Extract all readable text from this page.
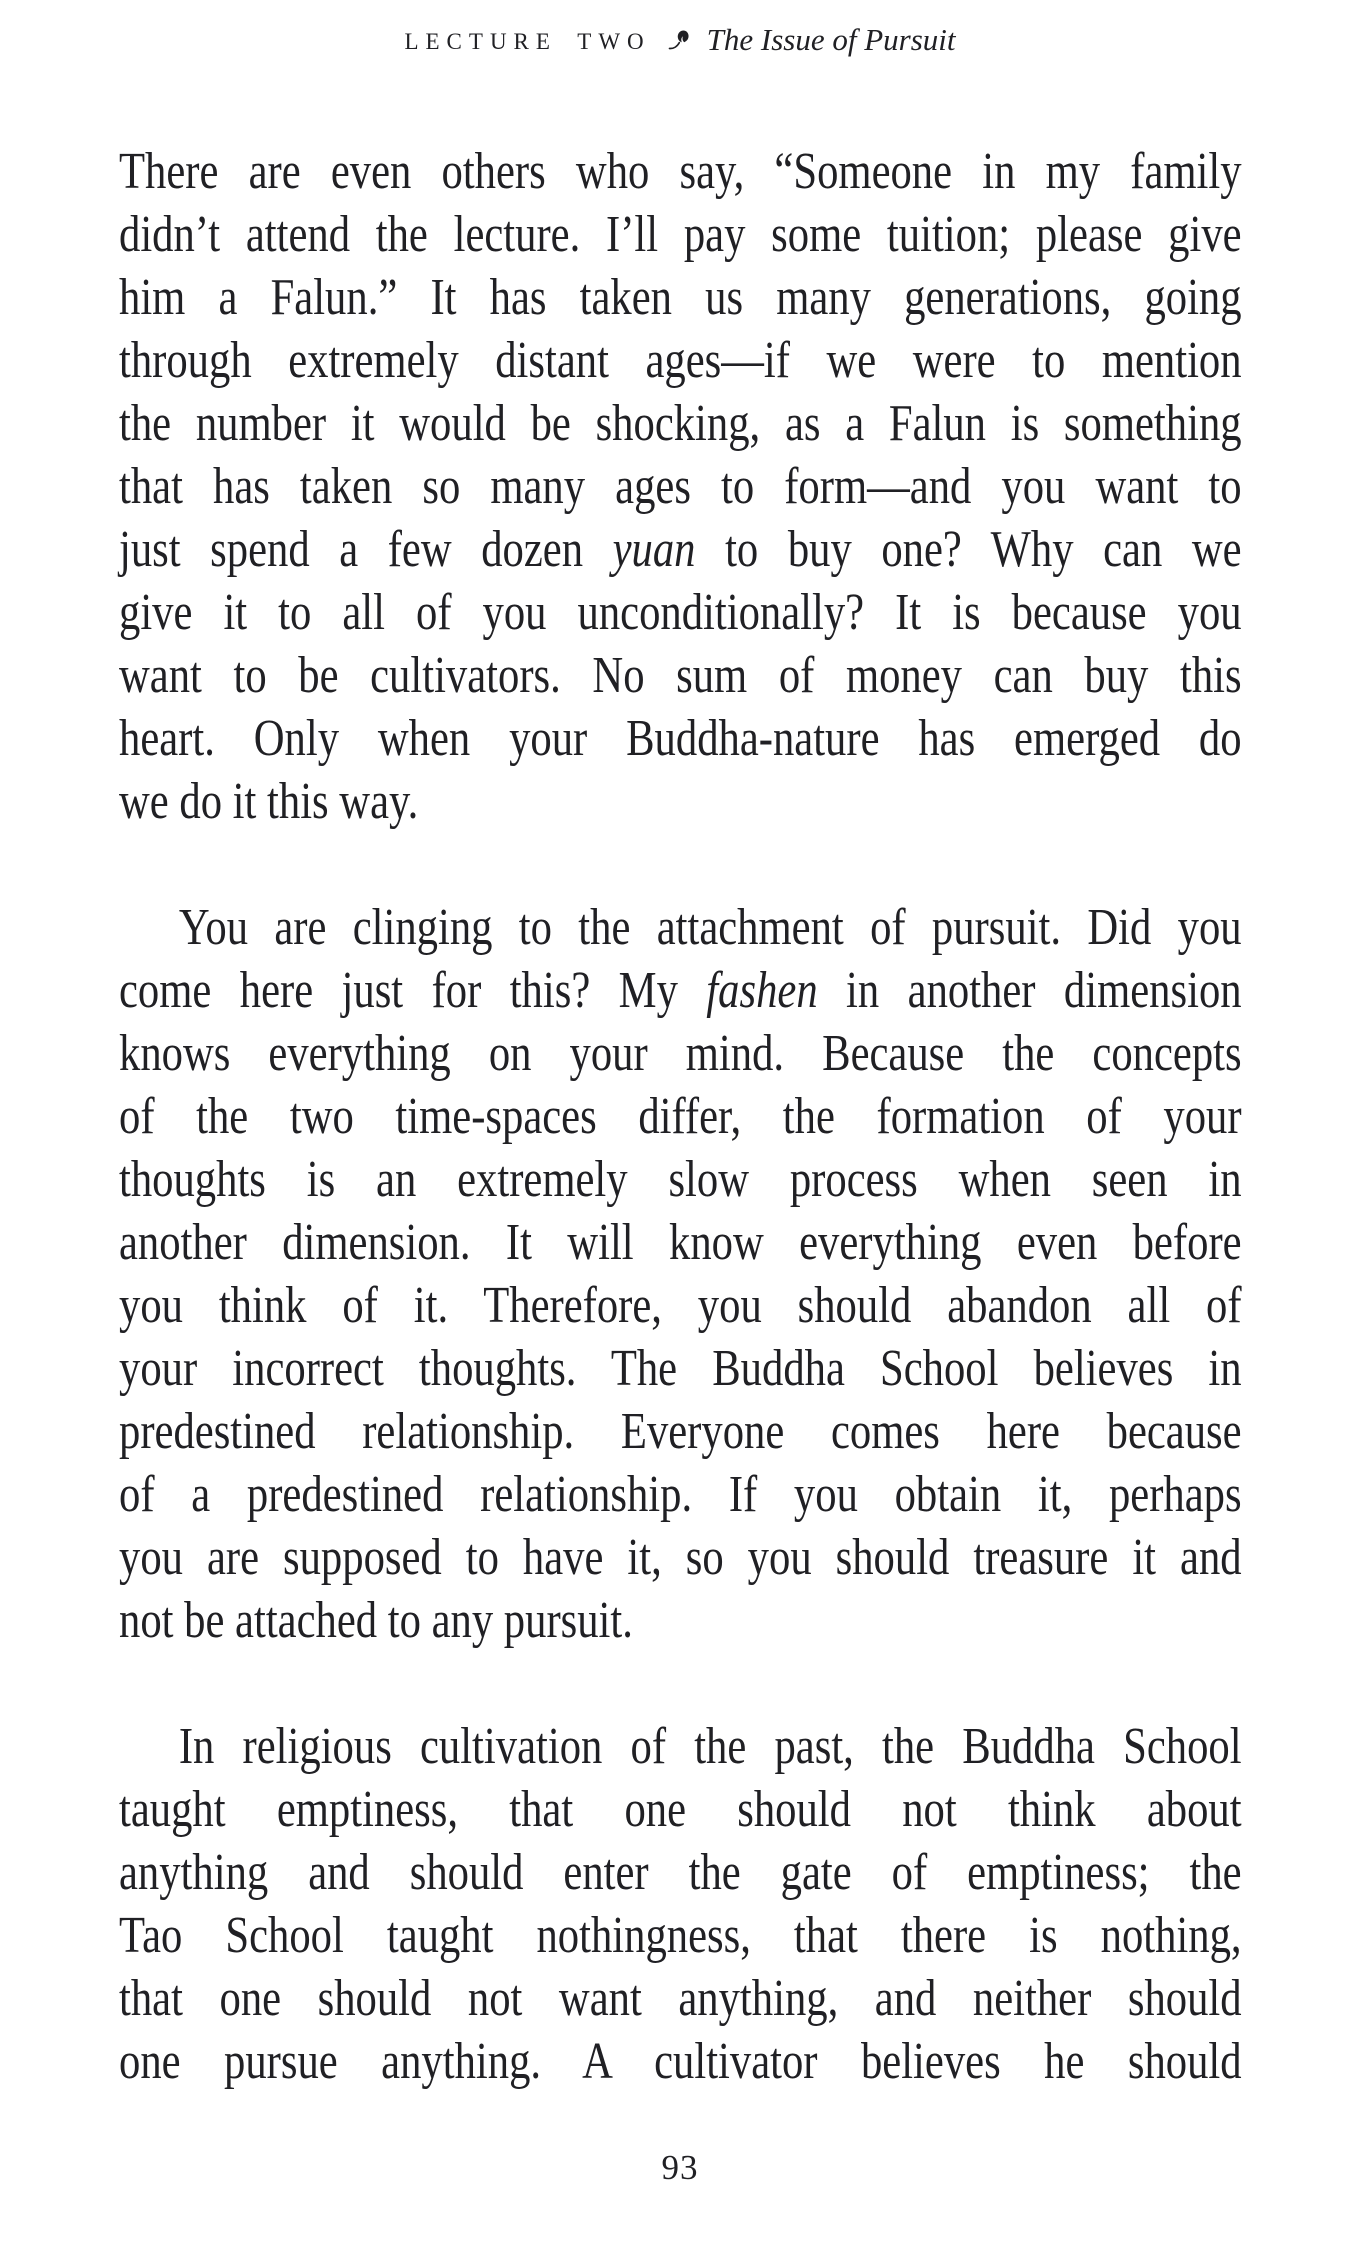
LECTURE TWO The Issue of Pursuit
There are even others who say, “Someone in my family
didn’t attend the lecture. I’ll pay some tuition; please give
him a Falun.” It has taken us many generations, going
through extremely distant ages—if we were to mention
the number it would be shocking, as a Falun is something
that has taken so many ages to form—and you want to
just spend a few dozen yuan to buy one? Why can we
give it to all of you unconditionally? It is because you
want to be cultivators. No sum of money can buy this
heart. Only when your Buddha-nature has emerged do
we do it this way.
You are clinging to the attachment of pursuit. Did you
come here just for this? My fashen in another dimension
knows everything on your mind. Because the concepts
of the two time-spaces differ, the formation of your
thoughts is an extremely slow process when seen in
another dimension. It will know everything even before
you think of it. Therefore, you should abandon all of
your incorrect thoughts. The Buddha School believes in
predestined relationship. Everyone comes here because
of a predestined relationship. If you obtain it, perhaps
you are supposed to have it, so you should treasure it and
not be attached to any pursuit.
In religious cultivation of the past, the Buddha School
taught emptiness, that one should not think about
anything and should enter the gate of emptiness; the
Tao School taught nothingness, that there is nothing,
that one should not want anything, and neither should
one pursue anything. A cultivator believes he should
93
